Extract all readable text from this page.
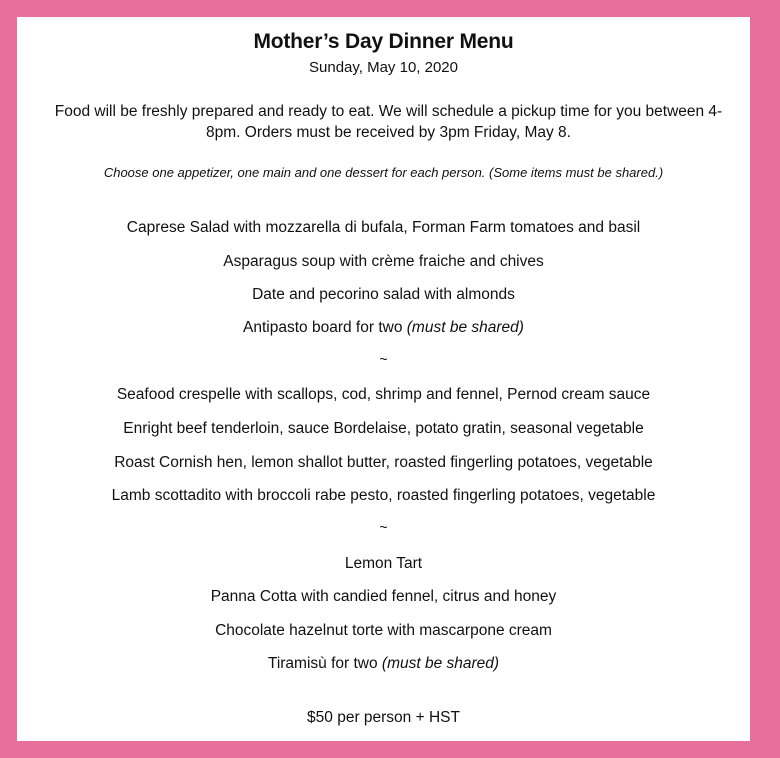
Mother’s Day Dinner Menu
Sunday, May 10, 2020
Food will be freshly prepared and ready to eat. We will schedule a pickup time for you between 4-8pm. Orders must be received by 3pm Friday, May 8.
Choose one appetizer, one main and one dessert for each person. (Some items must be shared.)
Caprese Salad with mozzarella di bufala, Forman Farm tomatoes and basil
Asparagus soup with crème fraiche and chives
Date and pecorino salad with almonds
Antipasto board for two (must be shared)
~
Seafood crespelle with scallops, cod, shrimp and fennel, Pernod cream sauce
Enright beef tenderloin, sauce Bordelaise, potato gratin, seasonal vegetable
Roast Cornish hen, lemon shallot butter, roasted fingerling potatoes, vegetable
Lamb scottadito with broccoli rabe pesto, roasted fingerling potatoes, vegetable
~
Lemon Tart
Panna Cotta with candied fennel, citrus and honey
Chocolate hazelnut torte with mascarpone cream
Tiramisù for two (must be shared)
$50 per person + HST
